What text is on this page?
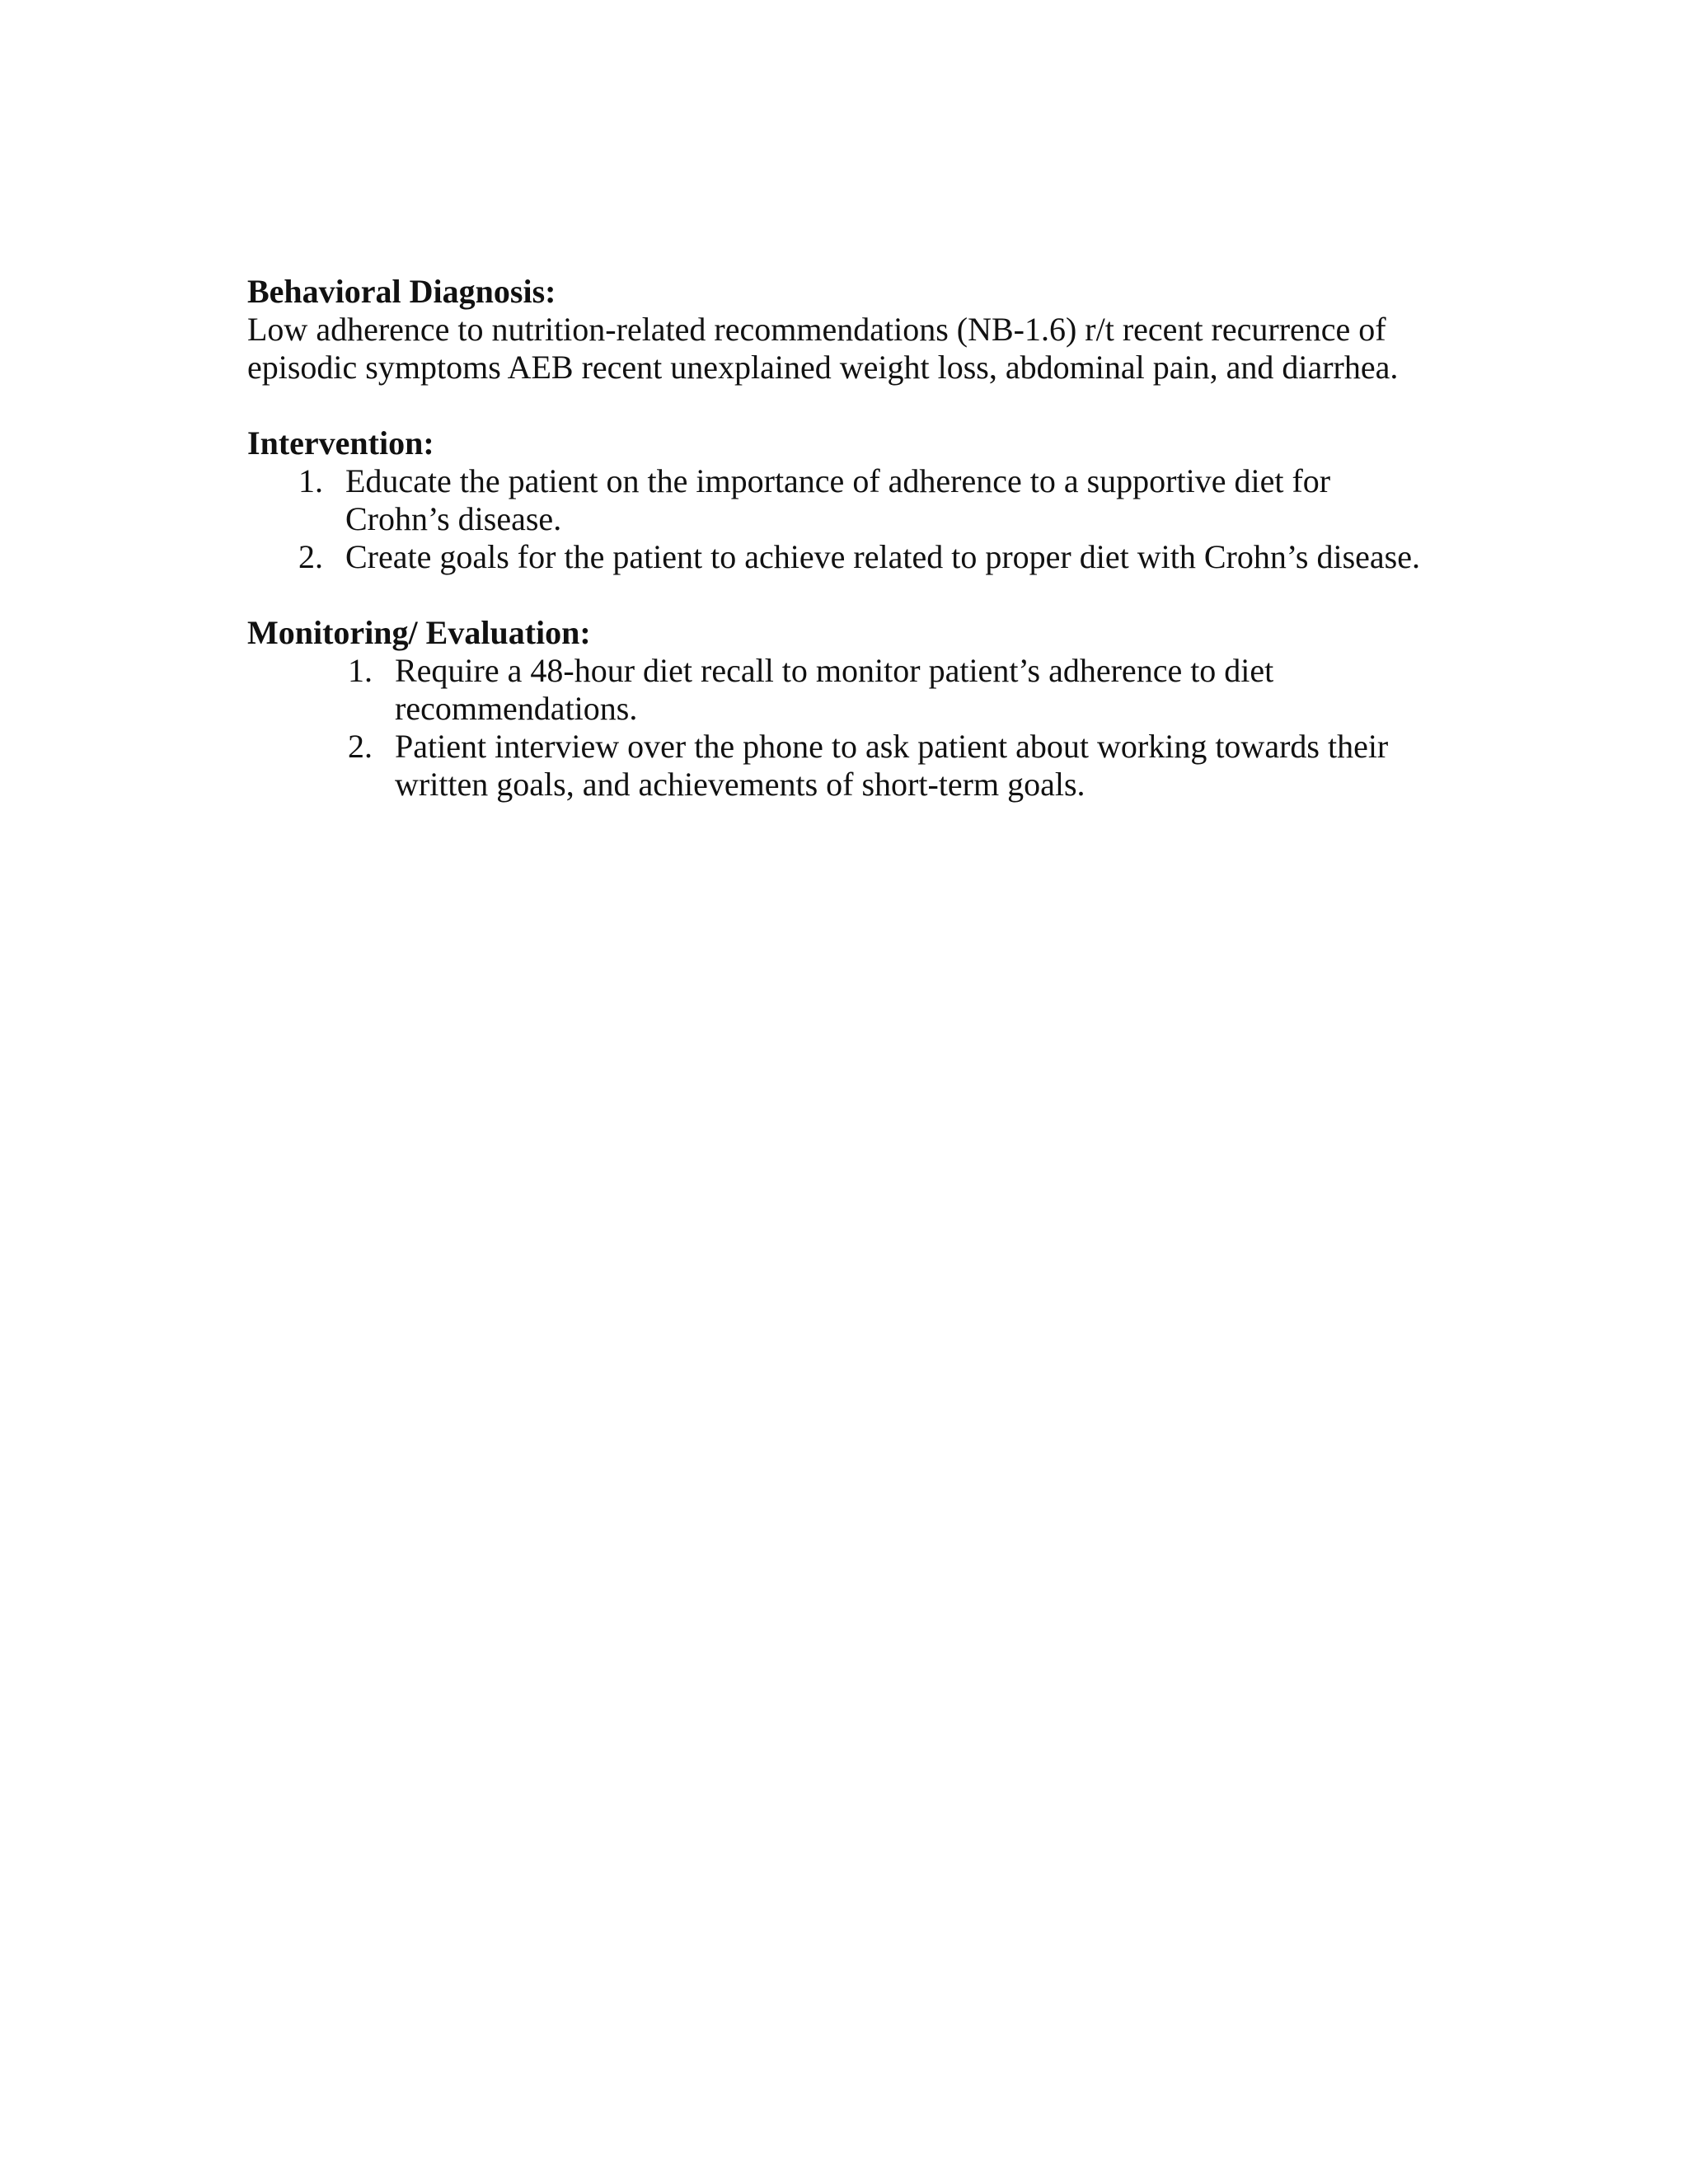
Behavioral Diagnosis:

Low adherence to nutrition-related recommendations (NB-1.6) r/t recent recurrence of

episodic symptoms AEB recent unexplained weight loss, abdominal pain, and diarrhea.

Intervention:

1. Educate the patient on the importance of adherence to a supportive diet for
Crohn’s disease.
2. Create goals for the patient to achieve related to proper diet with Crohn’s disease.

Monitoring/ Evaluation:

1. Require a 48-hour diet recall to monitor patient’s adherence to diet
recommendations.
2. Patient interview over the phone to ask patient about working towards their
written goals, and achievements of short-term goals.
